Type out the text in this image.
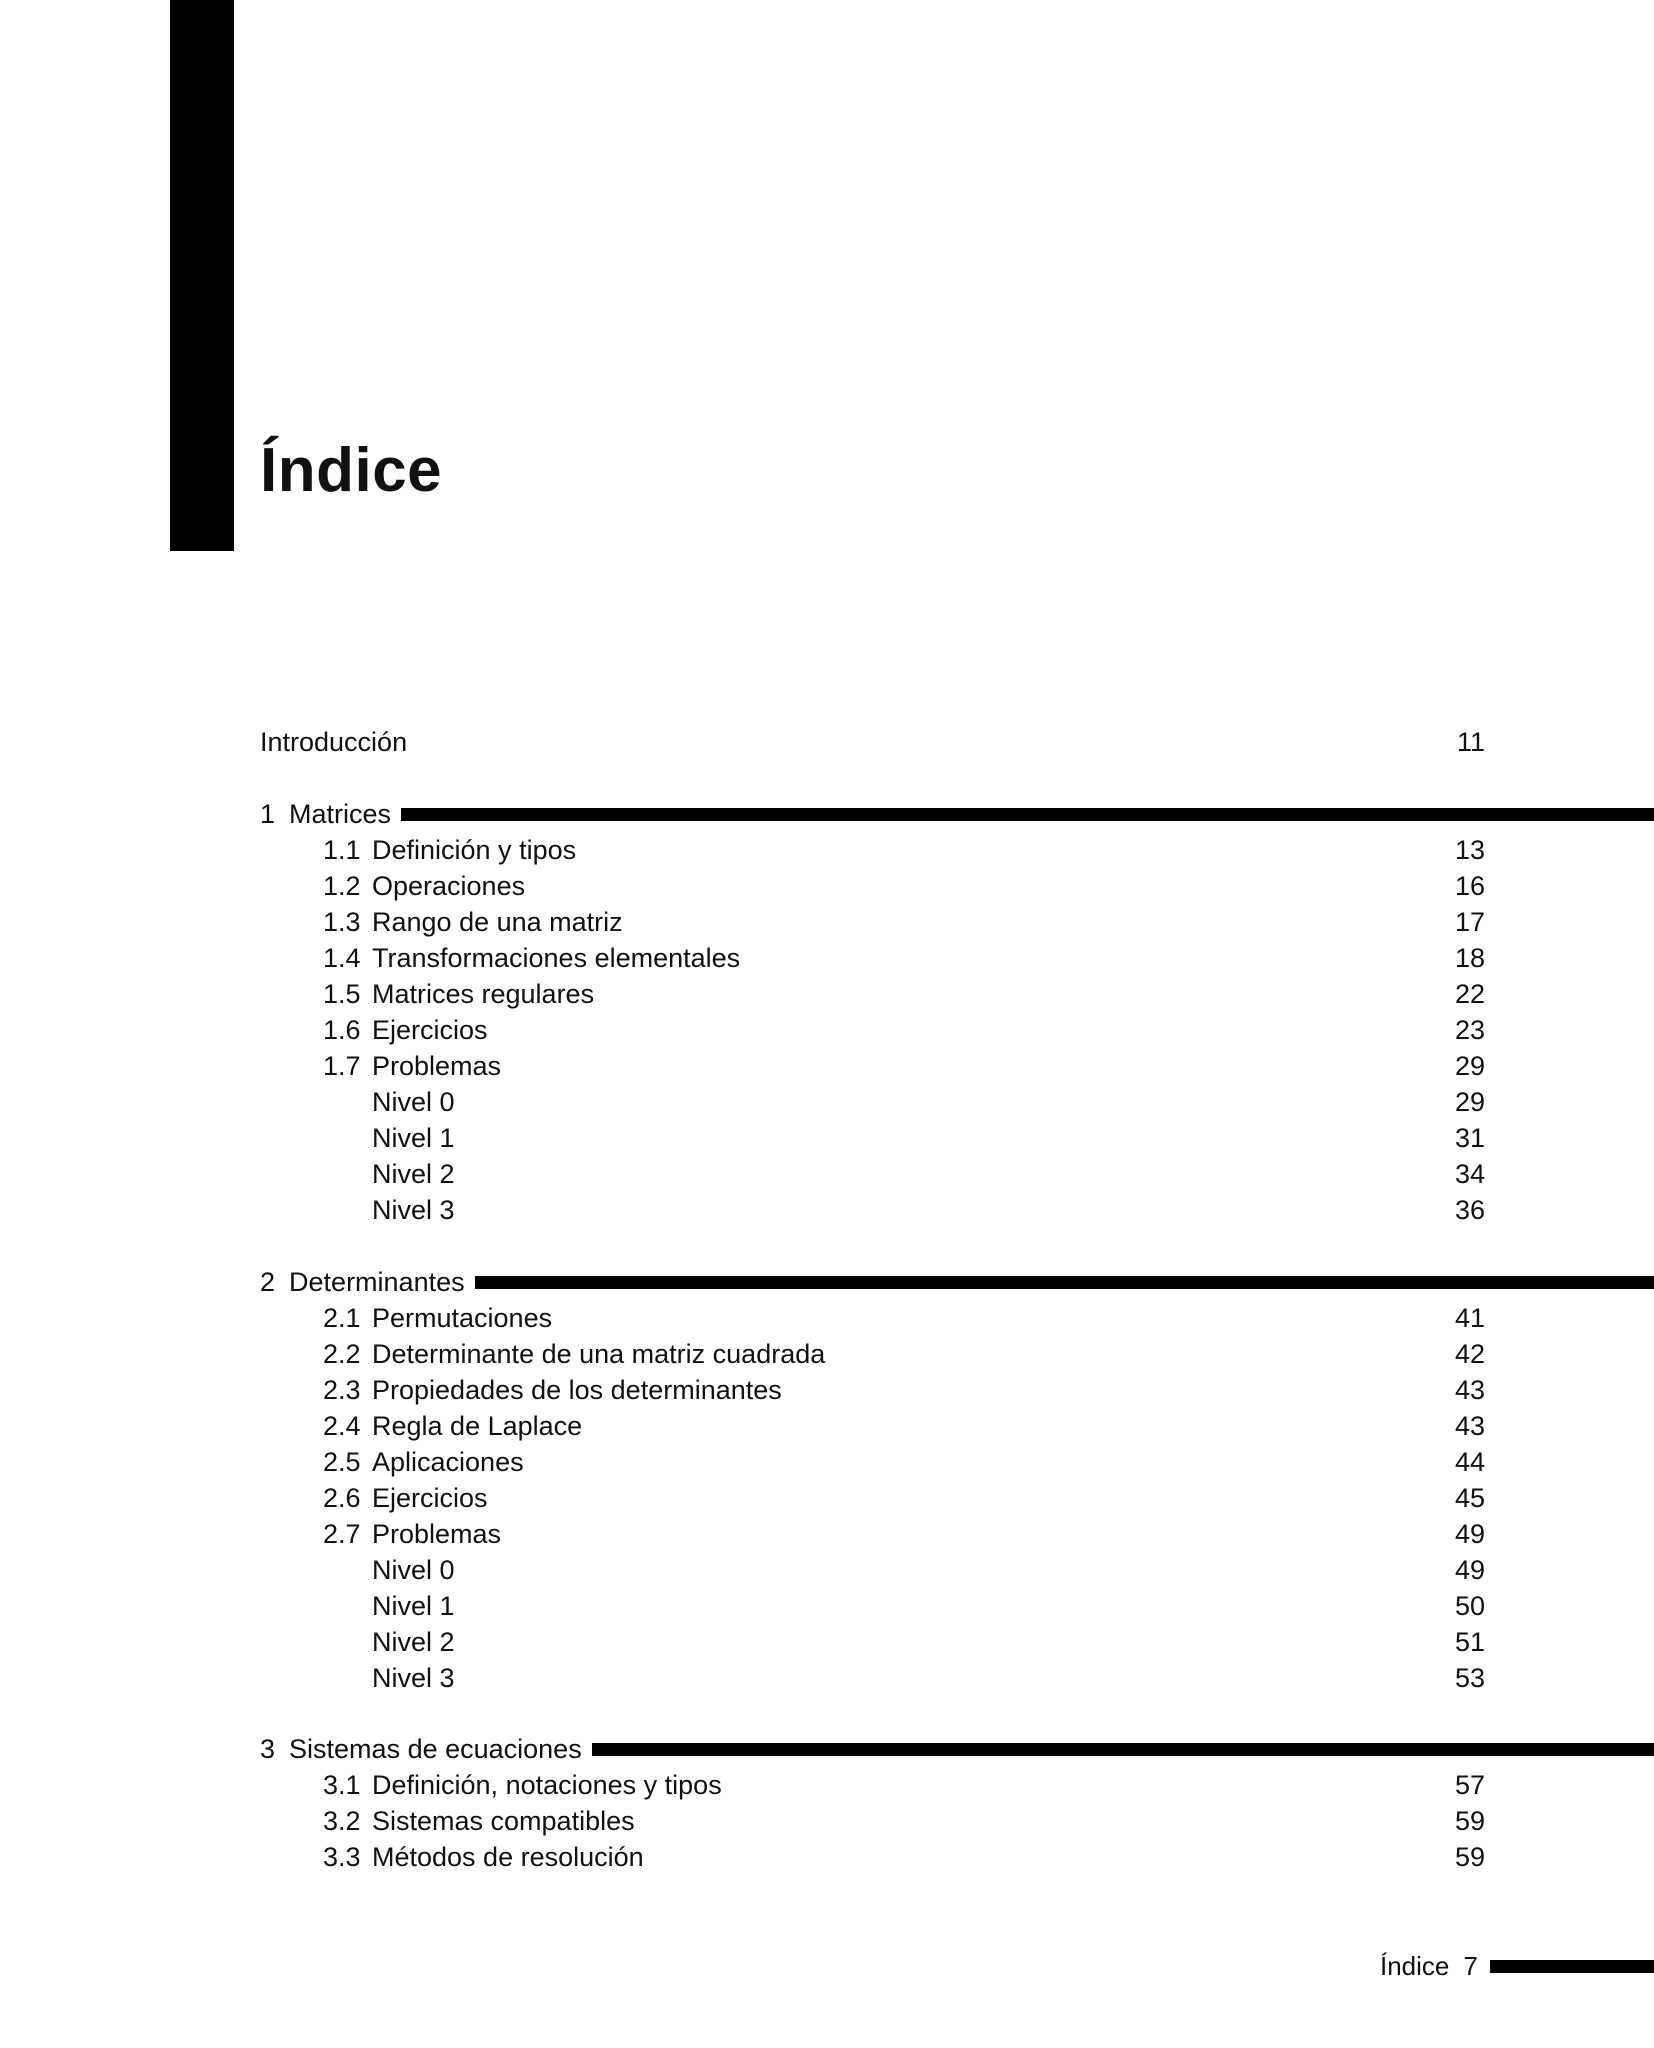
Índice
Introducción	11
1 Matrices
1.1 Definición y tipos	13
1.2 Operaciones	16
1.3 Rango de una matriz	17
1.4 Transformaciones elementales	18
1.5 Matrices regulares	22
1.6 Ejercicios	23
1.7 Problemas	29
Nivel 0	29
Nivel 1	31
Nivel 2	34
Nivel 3	36
2 Determinantes
2.1 Permutaciones	41
2.2 Determinante de una matriz cuadrada	42
2.3 Propiedades de los determinantes	43
2.4 Regla de Laplace	43
2.5 Aplicaciones	44
2.6 Ejercicios	45
2.7 Problemas	49
Nivel 0	49
Nivel 1	50
Nivel 2	51
Nivel 3	53
3 Sistemas de ecuaciones
3.1 Definición, notaciones y tipos	57
3.2 Sistemas compatibles	59
3.3 Métodos de resolución	59
Índice 7
